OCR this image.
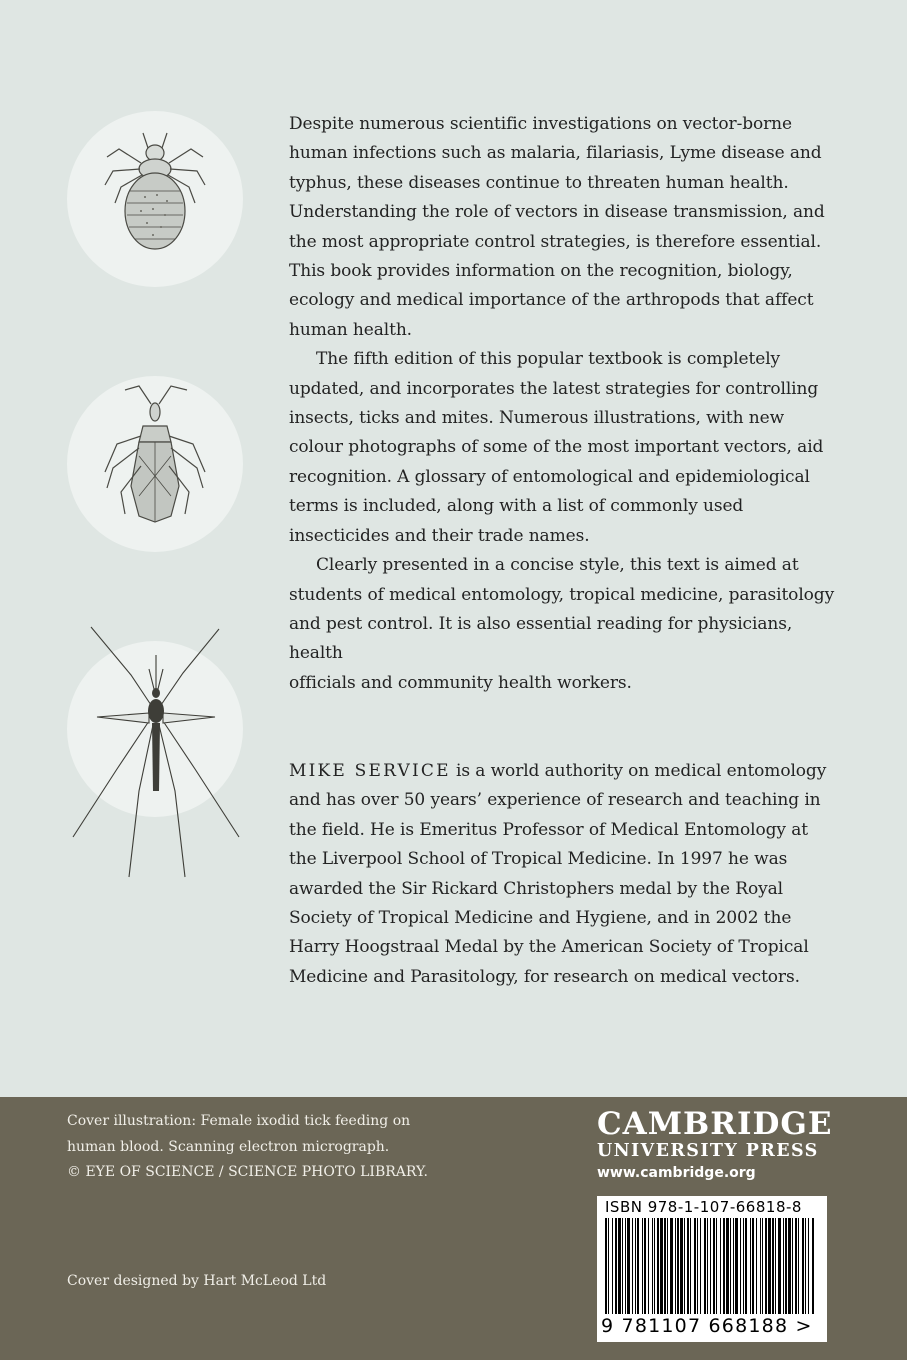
Despite numerous scientific investigations on vector-borne
human infections such as malaria, filariasis, Lyme disease and
typhus, these diseases continue to threaten human health.
Understanding the role of vectors in disease transmission, and
the most appropriate control strategies, is therefore essential.
This book provides information on the recognition, biology,
ecology and medical importance of the arthropods that affect
human health.

The fifth edition of this popular textbook is completely
updated, and incorporates the latest strategies for controlling
insects, ticks and mites. Numerous illustrations, with new
colour photographs of some of the most important vectors, aid
recognition. A glossary of entomological and epidemiological
terms is included, along with a list of commonly used
insecticides and their trade names.

Clearly presented in a concise style, this text is aimed at
students of medical entomology, tropical medicine, parasitology
and pest control. It is also essential reading for physicians, health
officials and community health workers.

MIKE SERVICE is a world authority on medical entomology
and has over 50 years’ experience of research and teaching in
the field. He is Emeritus Professor of Medical Entomology at
the Liverpool School of Tropical Medicine. In 1997 he was
awarded the Sir Rickard Christophers medal by the Royal
Society of Tropical Medicine and Hygiene, and in 2002 the
Harry Hoogstraal Medal by the American Society of Tropical
Medicine and Parasitology, for research on medical vectors.
Cover illustration: Female ixodid tick feeding on
human blood. Scanning electron micrograph.
© EYE OF SCIENCE / SCIENCE PHOTO LIBRARY.
Cover designed by Hart McLeod Ltd
CAMBRIDGE
UNIVERSITY PRESS
www.cambridge.org
ISBN 978-1-107-66818-8
9 781107 668188 >
